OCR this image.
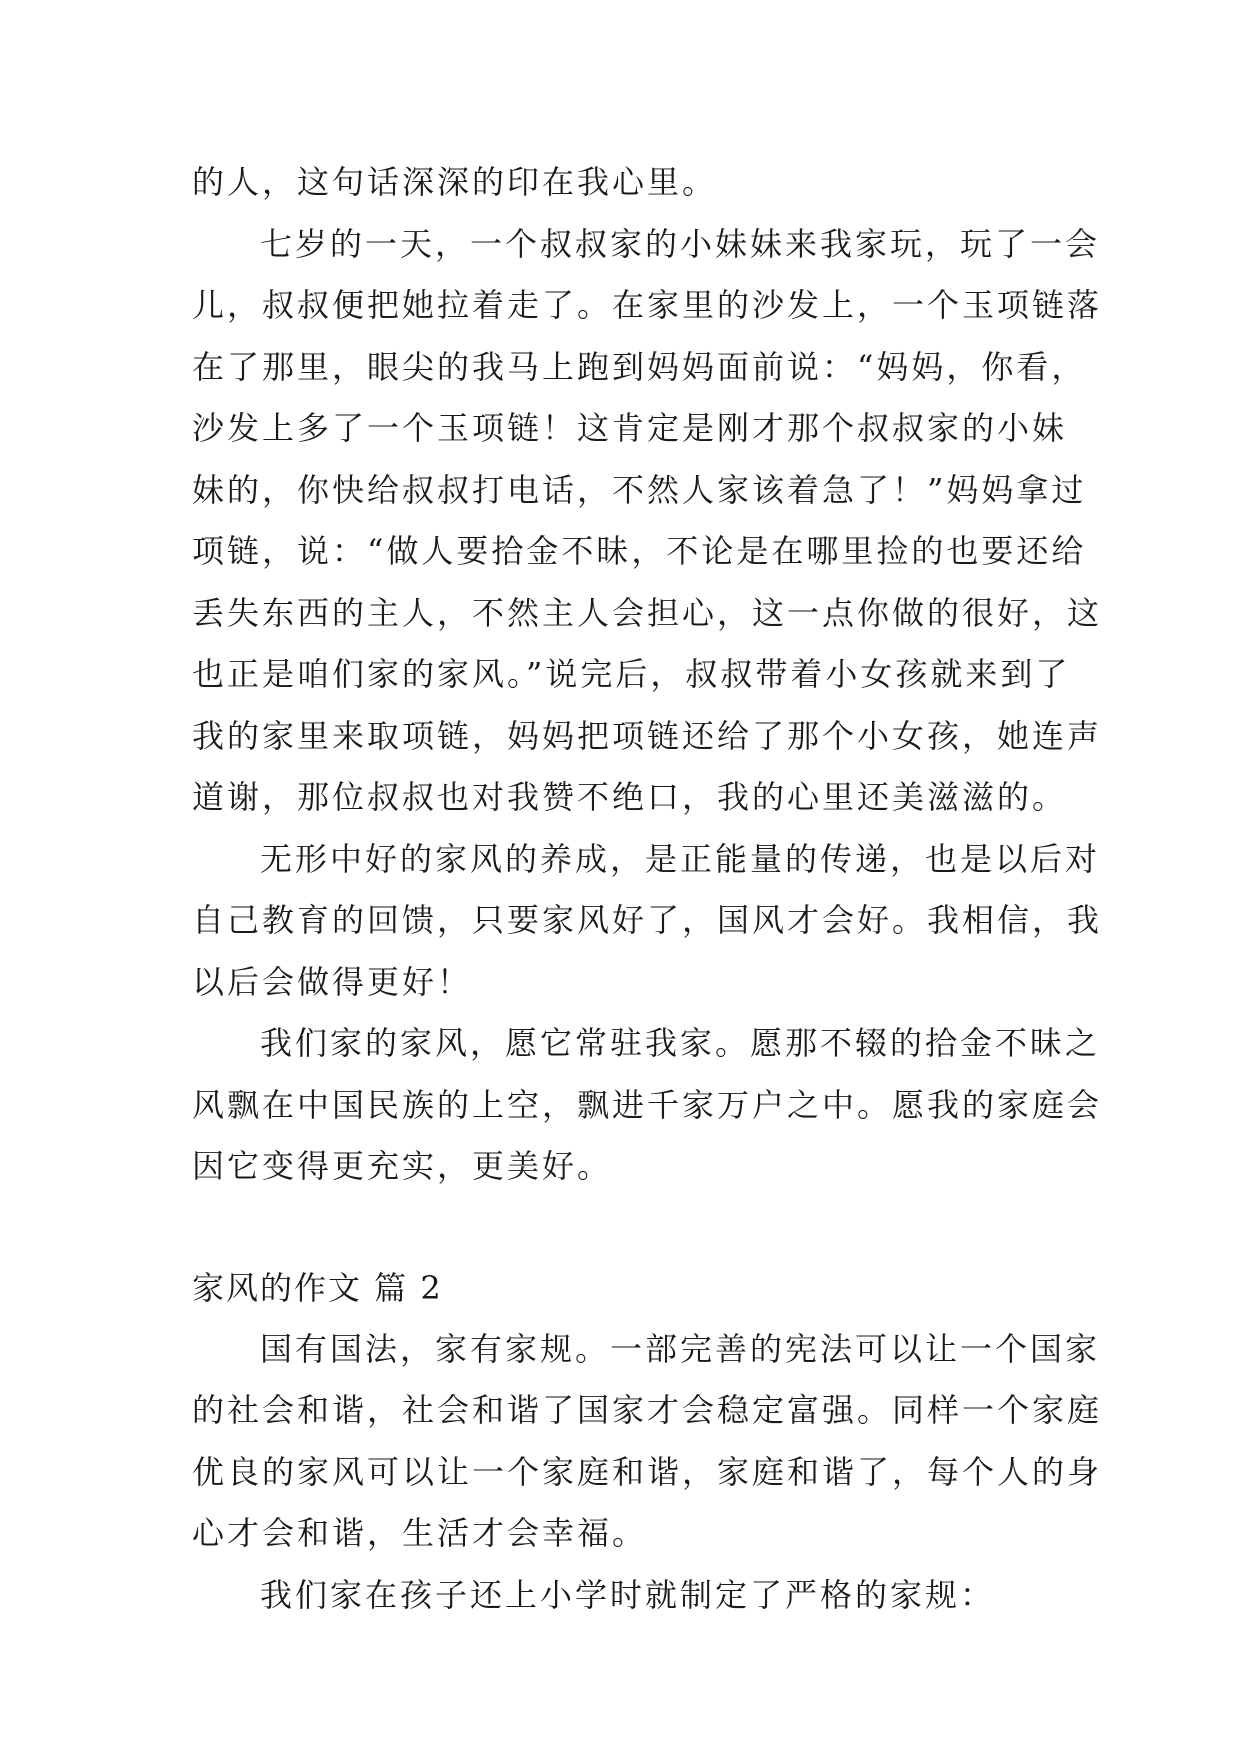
的人，这句话深深的印在我心里。
七岁的一天，一个叔叔家的小妹妹来我家玩，玩了一会
儿，叔叔便把她拉着走了。在家里的沙发上，一个玉项链落
在了那里，眼尖的我马上跑到妈妈面前说：“妈妈，你看，
沙发上多了一个玉项链！这肯定是刚才那个叔叔家的小妹
妹的，你快给叔叔打电话，不然人家该着急了！”妈妈拿过
项链，说：“做人要拾金不昧，不论是在哪里捡的也要还给
丢失东西的主人，不然主人会担心，这一点你做的很好，这
也正是咱们家的家风。”说完后，叔叔带着小女孩就来到了
我的家里来取项链，妈妈把项链还给了那个小女孩，她连声
道谢，那位叔叔也对我赞不绝口，我的心里还美滋滋的。
无形中好的家风的养成，是正能量的传递，也是以后对
自己教育的回馈，只要家风好了，国风才会好。我相信，我
以后会做得更好！
我们家的家风，愿它常驻我家。愿那不辍的拾金不昧之
风飘在中国民族的上空，飘进千家万户之中。愿我的家庭会
因它变得更充实，更美好。
家风的作文 篇 2
国有国法，家有家规。一部完善的宪法可以让一个国家
的社会和谐，社会和谐了国家才会稳定富强。同样一个家庭
优良的家风可以让一个家庭和谐，家庭和谐了，每个人的身
心才会和谐，生活才会幸福。
我们家在孩子还上小学时就制定了严格的家规：
